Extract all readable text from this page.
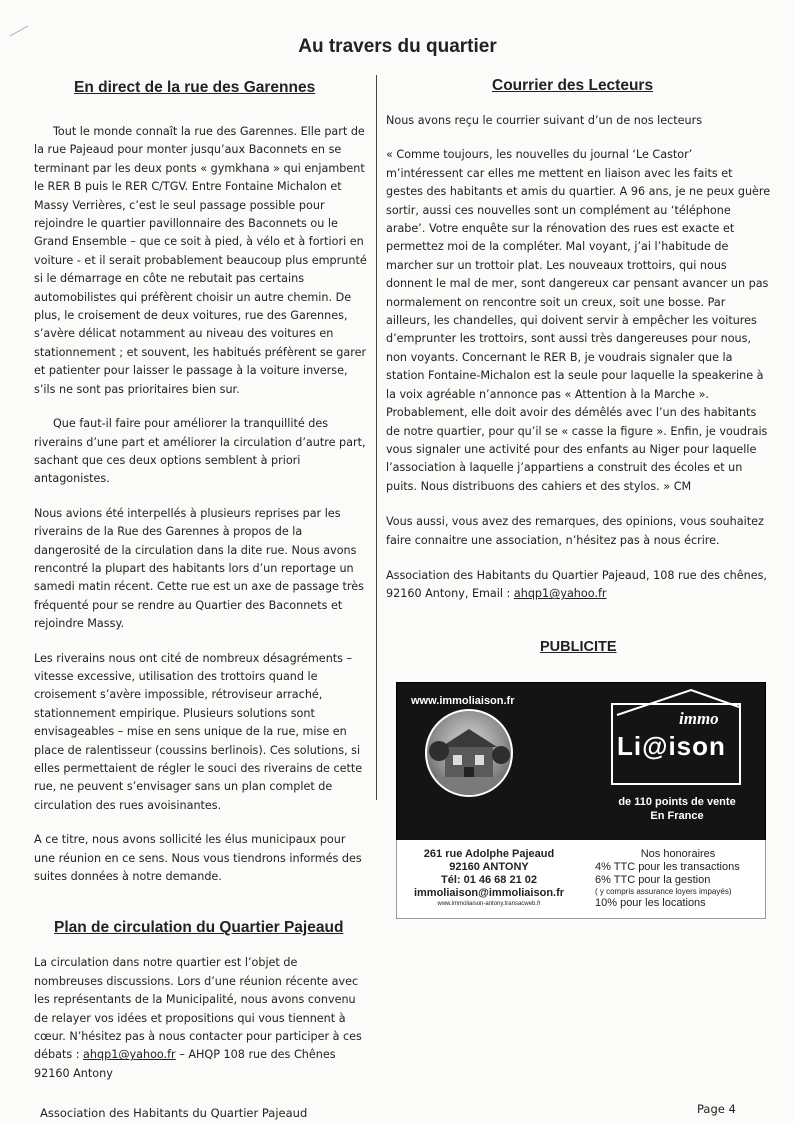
Au travers du quartier
En direct de la rue des Garennes

Tout le monde connaît la rue des Garennes. Elle part de la rue Pajeaud pour monter jusqu’aux Baconnets en se terminant par les deux ponts « gymkhana » qui enjambent le RER B puis le RER C/TGV. Entre Fontaine Michalon et Massy Verrières, c’est le seul passage possible pour rejoindre le quartier pavillonnaire des Baconnets ou le Grand Ensemble – que ce soit à pied, à vélo et à fortiori en voiture - et il serait probablement beaucoup plus emprunté si le démarrage en côte ne rebutait pas certains automobilistes qui préfèrent choisir un autre chemin. De plus, le croisement de deux voitures, rue des Garennes, s’avère délicat notamment au niveau des voitures en stationnement ; et souvent, les habitués préfèrent se garer et patienter pour laisser le passage à la voiture inverse, s’ils ne sont pas prioritaires bien sur.

Que faut-il faire pour améliorer la tranquillité des riverains d’une part et améliorer la circulation d’autre part, sachant que ces deux options semblent à priori antagonistes.

Nous avions été interpellés à plusieurs reprises par les riverains de la Rue des Garennes à propos de la dangerosité de la circulation dans la dite rue. Nous avons rencontré la plupart des habitants lors d’un reportage un samedi matin récent. Cette rue est un axe de passage très fréquenté pour se rendre au Quartier des Baconnets et rejoindre Massy.

Les riverains nous ont cité de nombreux désagréments – vitesse excessive, utilisation des trottoirs quand le croisement s’avère impossible, rétroviseur arraché, stationnement empirique. Plusieurs solutions sont envisageables – mise en sens unique de la rue, mise en place de ralentisseur (coussins berlinois). Ces solutions, si elles permettaient de régler le souci des riverains de cette rue, ne peuvent s’envisager sans un plan complet de circulation des rues avoisinantes.

A ce titre, nous avons sollicité les élus municipaux pour une réunion en ce sens. Nous vous tiendrons informés des suites données à notre demande.

Plan de circulation du Quartier Pajeaud

La circulation dans notre quartier est l’objet de nombreuses discussions. Lors d’une réunion récente avec les représentants de la Municipalité, nous avons convenu de relayer vos idées et propositions qui vous tiennent à cœur. N’hésitez pas à nous contacter pour participer à ces débats : ahqp1@yahoo.fr – AHQP 108 rue des Chênes 92160 Antony

Courrier des Lecteurs

Nous avons reçu le courrier suivant d’un de nos lecteurs

« Comme toujours, les nouvelles du journal ‘Le Castor’ m’intéressent car elles me mettent en liaison avec les faits et gestes des habitants et amis du quartier. A 96 ans, je ne peux guère sortir, aussi ces nouvelles sont un complément au ‘téléphone arabe’. Votre enquête sur la rénovation des rues est exacte et permettez moi de la compléter. Mal voyant, j’ai l’habitude de marcher sur un trottoir plat. Les nouveaux trottoirs, qui nous donnent le mal de mer, sont dangereux car pensant avancer un pas normalement on rencontre soit un creux, soit une bosse. Par ailleurs, les chandelles, qui doivent servir à empêcher les voitures d’emprunter les trottoirs, sont aussi très dangereuses pour nous, non voyants. Concernant le RER B, je voudrais signaler que la station Fontaine-Michalon est la seule pour laquelle la speakerine à la voix agréable n’annonce pas « Attention à la Marche ».

Probablement, elle doit avoir des démêlés avec l’un des habitants de notre quartier, pour qu’il se « casse la figure ». Enfin, je voudrais vous signaler une activité pour des enfants au Niger pour laquelle l’association à laquelle j’appartiens a construit des écoles et un puits. Nous distribuons des cahiers et des stylos. » CM

Vous aussi, vous avez des remarques, des opinions, vous souhaitez faire connaitre une association, n’hésitez pas à nous écrire.

Association des Habitants du Quartier Pajeaud, 108 rue des chênes, 92160 Antony, Email : ahqp1@yahoo.fr

PUBLICITE
www.immoliaison.fr
immo
Li@ison
de 110 points de vente
En France
261 rue Adolphe Pajeaud
92160 ANTONY
Tél: 01 46 68 21 02
immoliaison@immoliaison.fr
www.immoliaison-antony.transacweb.fr
Nos honoraires
4% TTC pour les transactions
6% TTC pour la gestion
( y compris assurance loyers impayés)
10% pour les locations
Association des Habitants du Quartier Pajeaud	Page 4
